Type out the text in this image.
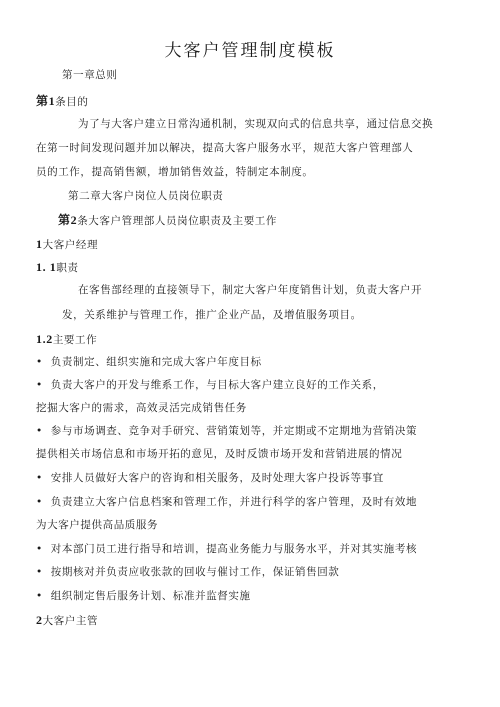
大客户管理制度模板
第一章总则
第1条目的
为了与大客户建立日常沟通机制，实现双向式的信息共享，通过信息交换
在第一时间发现问题并加以解决，提高大客户服务水平，规范大客户管理部人
员的工作，提高销售额，增加销售效益，特制定本制度。
第二章大客户岗位人员岗位职责
第2条大客户管理部人员岗位职责及主要工作
1大客户经理
1. 1职责
在客售部经理的直接领导下，制定大客户年度销售计划，负责大客户开
发，关系维护与管理工作，推广企业产品，及增值服务项目。
1.2主要工作
• 负责制定、组织实施和完成大客户年度目标
• 负责大客户的开发与维系工作，与目标大客户建立良好的工作关系，
挖掘大客户的需求，高效灵活完成销售任务
• 参与市场调查、竞争对手研究、营销策划等，并定期或不定期地为营销决策
提供相关市场信息和市场开拓的意见，及时反馈市场开发和营销进展的情况
• 安排人员做好大客户的咨询和相关服务，及时处理大客户投诉等事宜
• 负责建立大客户信息档案和管理工作，并进行科学的客户管理，及时有效地
为大客户提供高品质服务
• 对本部门员工进行指导和培训，提高业务能力与服务水平，并对其实施考核
• 按期核对并负责应收张款的回收与催讨工作，保证销售回款
• 组织制定售后服务计划、标准并监督实施
2大客户主管
